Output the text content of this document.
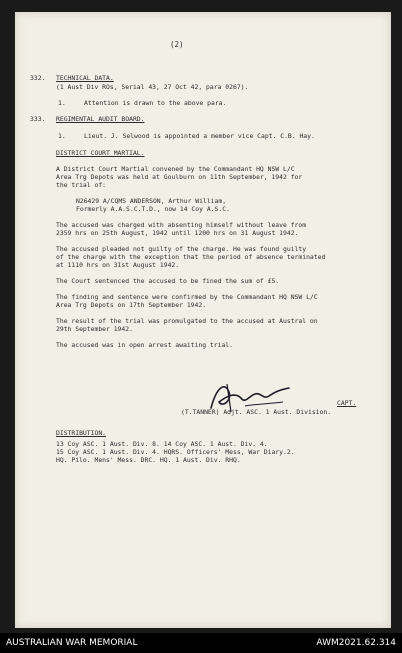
(2)
332. TECHNICAL DATA.
(1 Aust Div ROs, Serial 43, 27 Oct 42, para 0267).
1.	Attention is drawn to the above para.
333. REGIMENTAL AUDIT BOARD.
1.	Lieut. J. Selwood is appointed a member vice Capt. C.B. Hay.
DISTRICT COURT MARTIAL.
A District Court Martial convened by the Commandant HQ NSW L/C
Area Trg Depots was held at Goulburn on 11th September, 1942 for
the trial of:
N26429 A/CQMS ANDERSON, Arthur William,
Formerly A.A.S.C.T.D., now 14 Coy A.S.C.
The accused was charged with absenting himself without leave from
2359 hrs on 25th August, 1942 until 1200 hrs on 31 August 1942.
The accused pleaded not guilty of the charge. He was found guilty
of the charge with the exception that the period of absence terminated
at 1110 hrs on 31st August 1942.
The Court sentenced the accused to be fined the sum of £5.
The finding and sentence were confirmed by the Commandant HQ NSW L/C
Area Trg Depots on 17th September 1942.
The result of the trial was promulgated to the accused at Austral on
29th September 1942.
The accused was in open arrest awaiting trial.
CAPT.
(T.TANNER) Adjt. ASC. 1 Aust. Division.
DISTRIBUTION.
13 Coy ASC. 1 Aust. Div. 8. 14 Coy ASC. 1 Aust. Div. 4.
15 Coy ASC. 1 Aust. Div. 4. HQRS. Officers' Mess, War Diary.2.
HQ. Pilo. Mens' Mess. DRC. HQ. 1 Aust. Div. RHQ.
AUSTRALIAN WAR MEMORIAL	AWM2021.62.314
